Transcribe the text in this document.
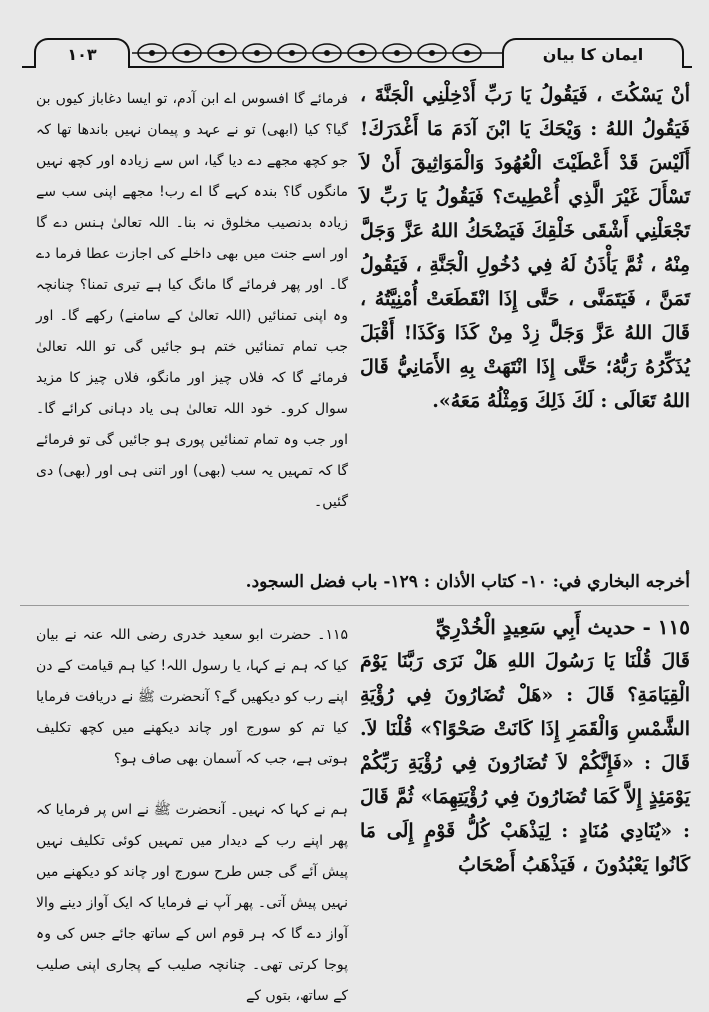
۱۰۳	ایمان کا بیان
أنْ يَسْكُتَ ، فَيَقُولُ يَا رَبِّ أَدْخِلْنِي الْجَنَّةَ ، فَيَقُولُ اللهُ : وَيْحَكَ يَا ابْنَ آدَمَ مَا أَغْدَرَكَ! أَلَيْسَ قَدْ أَعْطَيْتَ الْعُهُودَ وَالْمَوَاثِيقَ أَنْ لاَ تَسْأَلَ غَيْرَ الَّذِي أُعْطِيتَ؟ فَيَقُولُ يَا رَبِّ لاَ تَجْعَلْنِي أَشْقَى خَلْقِكَ فَيَضْحَكُ اللهُ عَزَّ وَجَلَّ مِنْهُ ، ثُمَّ يَأْذَنُ لَهُ فِي دُخُولِ الْجَنَّةِ ، فَيَقُولُ تَمَنَّ ، فَيَتَمَنَّى ، حَتَّى إِذَا انْقَطَعَتْ أُمْنِيَّتُهُ ، قَالَ اللهُ عَزَّ وَجَلَّ زِدْ مِنْ كَذَا وَكَذَا! أَقْبَلَ يُذَكِّرُهُ رَبُّهُ؛ حَتَّى إِذَا انْتَهَتْ بِهِ الأَمَانِيُّ قَالَ اللهُ تَعَالَى : لَكَ ذَلِكَ وَمِثْلُهُ مَعَهُ».
فرمائے گا افسوس اے ابن آدم، تو ایسا دغاباز کیوں بن گیا؟ کیا (ابھی) تو نے عہد و پیمان نہیں باندھا تھا کہ جو کچھ مجھے دے دیا گیا، اس سے زیادہ اور کچھ نہیں مانگوں گا؟ بندہ کہے گا اے رب! مجھے اپنی سب سے زیادہ بدنصیب مخلوق نہ بنا۔ اللہ تعالیٰ ہنس دے گا اور اسے جنت میں بھی داخلے کی اجازت عطا فرما دے گا۔ اور پھر فرمائے گا مانگ کیا ہے تیری تمنا؟ چنانچہ وہ اپنی تمنائیں (اللہ تعالیٰ کے سامنے) رکھے گا۔ اور جب تمام تمنائیں ختم ہو جائیں گی تو اللہ تعالیٰ فرمائے گا کہ فلاں چیز اور مانگو، فلاں چیز کا مزید سوال کرو۔ خود اللہ تعالیٰ ہی یاد دہانی کرائے گا۔ اور جب وہ تمام تمنائیں پوری ہو جائیں گی تو فرمائے گا کہ تمہیں یہ سب (بھی) اور اتنی ہی اور (بھی) دی گئیں۔
أخرجه البخاري في: ١٠- كتاب الأذان : ١٢٩- باب فضل السجود.
١١٥ - حديث أَبِي سَعِيدٍ الْخُدْرِيِّ
قَالَ قُلْنَا يَا رَسُولَ اللهِ هَلْ نَرَى رَبَّنَا يَوْمَ الْقِيَامَةِ؟ قَالَ : «هَلْ تُضَارُونَ فِي رُؤْيَةِ الشَّمْسِ وَالْقَمَرِ إِذَا كَانَتْ صَحْوًا؟» قُلْنَا لاَ. قَالَ : «فَإِنَّكُمْ لاَ تُضَارُونَ فِي رُؤْيَةِ رَبِّكُمْ يَوْمَئِذٍ إِلاَّ كَمَا تُضَارُونَ فِي رُؤْيَتِهِمَا» ثُمَّ قَالَ : «يُنَادِي مُنَادٍ : لِيَذْهَبْ كُلُّ قَوْمٍ إِلَى مَا كَانُوا يَعْبُدُونَ ، فَيَذْهَبُ أَصْحَابُ
۱۱۵۔ حضرت ابو سعید خدری رضی اللہ عنہ نے بیان کیا کہ ہم نے کہا، یا رسول اللہ! کیا ہم قیامت کے دن اپنے رب کو دیکھیں گے؟ آنحضرت ﷺ نے دریافت فرمایا کیا تم کو سورج اور چاند دیکھنے میں کچھ تکلیف ہوتی ہے، جب کہ آسمان بھی صاف ہو؟
ہم نے کہا کہ نہیں۔ آنحضرت ﷺ نے اس پر فرمایا کہ پھر اپنے رب کے دیدار میں تمہیں کوئی تکلیف نہیں پیش آئے گی جس طرح سورج اور چاند کو دیکھنے میں نہیں پیش آتی۔ پھر آپ نے فرمایا کہ ایک آواز دینے والا آواز دے گا کہ ہر قوم اس کے ساتھ جائے جس کی وہ پوجا کرتی تھی۔ چنانچہ صلیب کے پجاری اپنی صلیب کے ساتھ، بتوں کے
